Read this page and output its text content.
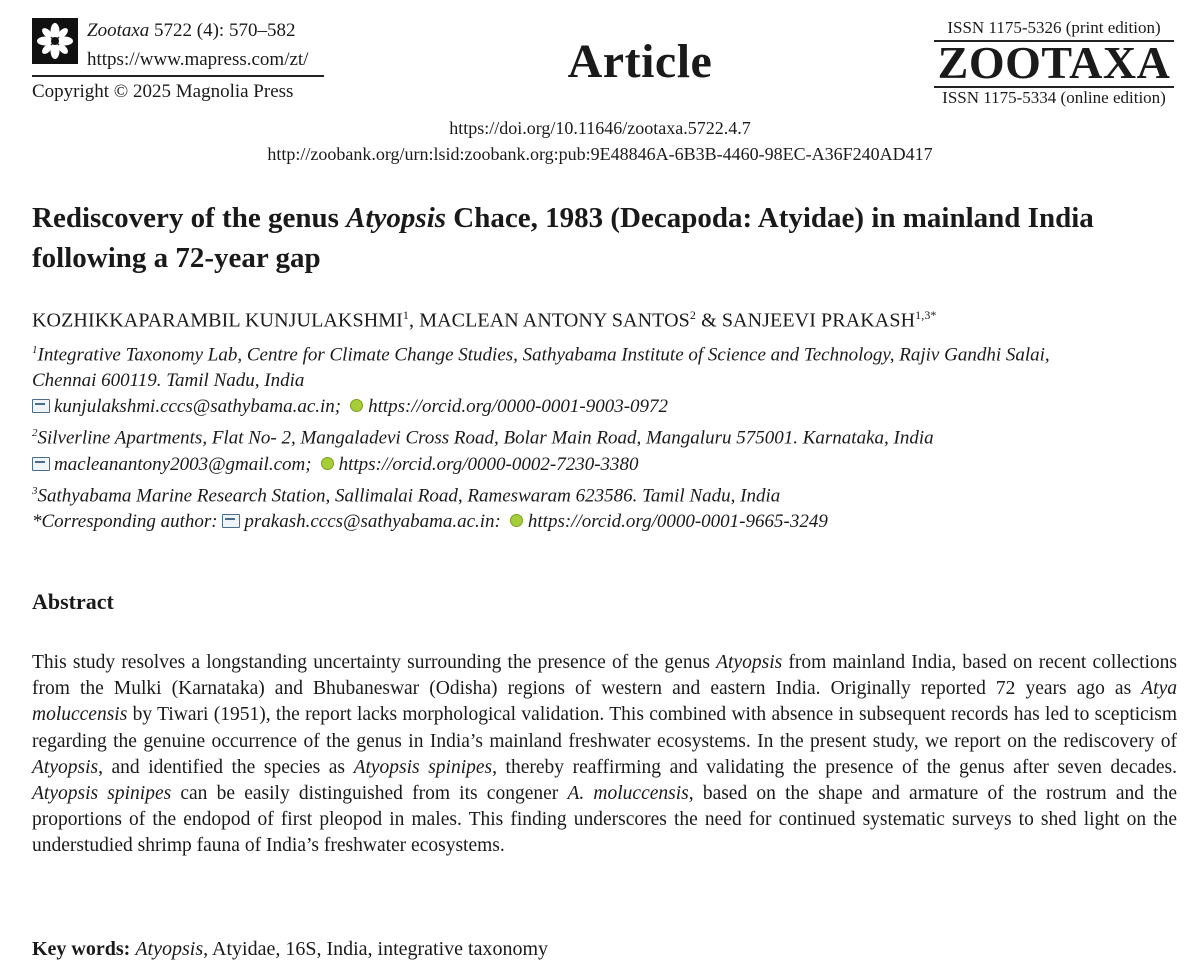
Zootaxa 5722 (4): 570–582
https://www.mapress.com/zt/
Copyright © 2025 Magnolia Press
Article
ISSN 1175-5326 (print edition)
ZOOTAXA
ISSN 1175-5334 (online edition)
https://doi.org/10.11646/zootaxa.5722.4.7
http://zoobank.org/urn:lsid:zoobank.org:pub:9E48846A-6B3B-4460-98EC-A36F240AD417
Rediscovery of the genus Atyopsis Chace, 1983 (Decapoda: Atyidae) in mainland India following a 72-year gap
KOZHIKKAPARAMBIL KUNJULAKSHMI$^1$, MACLEAN ANTONY SANTOS$^2$ & SANJEEVI $PRAKASH^{1,3*}$
$^1$Integrative Taxonomy Lab, Centre for Climate Change Studies, Sathyabama Institute of Science and Technology, Rajiv Gandhi Salai,
Chennai 600119. Tamil Nadu, India
kunjulakshmi.cccs@sathybama.ac.in; https://orcid.org/0000-0001-9003-0972
$^2$Silverline Apartments, Flat No- 2, Mangaladevi Cross Road, Bolar Main Road, Mangaluru 575001. Karnataka, India
macleanantony2003@gmail.com; https://orcid.org/0000-0002-7230-3380
$^3$Sathyabama Marine Research Station, Sallimalai Road, Rameswaram 623586. Tamil Nadu, India
*Corresponding author: prakash.cccs@sathyabama.ac.in: https://orcid.org/0000-0001-9665-3249
Abstract
This study resolves a longstanding uncertainty surrounding the presence of the genus Atyopsis from mainland India, based on recent collections from the Mulki (Karnataka) and Bhubaneswar (Odisha) regions of western and eastern India. Originally reported 72 years ago as Atya moluccensis by Tiwari (1951), the report lacks morphological validation. This combined with absence in subsequent records has led to scepticism regarding the genuine occurrence of the genus in India’s mainland freshwater ecosystems. In the present study, we report on the rediscovery of Atyopsis, and identified the species as Atyopsis spinipes, thereby reaffirming and validating the presence of the genus after seven decades. Atyopsis spinipes can be easily distinguished from its congener A. moluccensis, based on the shape and armature of the rostrum and the proportions of the endopod of first pleopod in males. This finding underscores the need for continued systematic surveys to shed light on the understudied shrimp fauna of India’s freshwater ecosystems.
Key words: Atyopsis, Atyidae, 16S, India, integrative taxonomy
